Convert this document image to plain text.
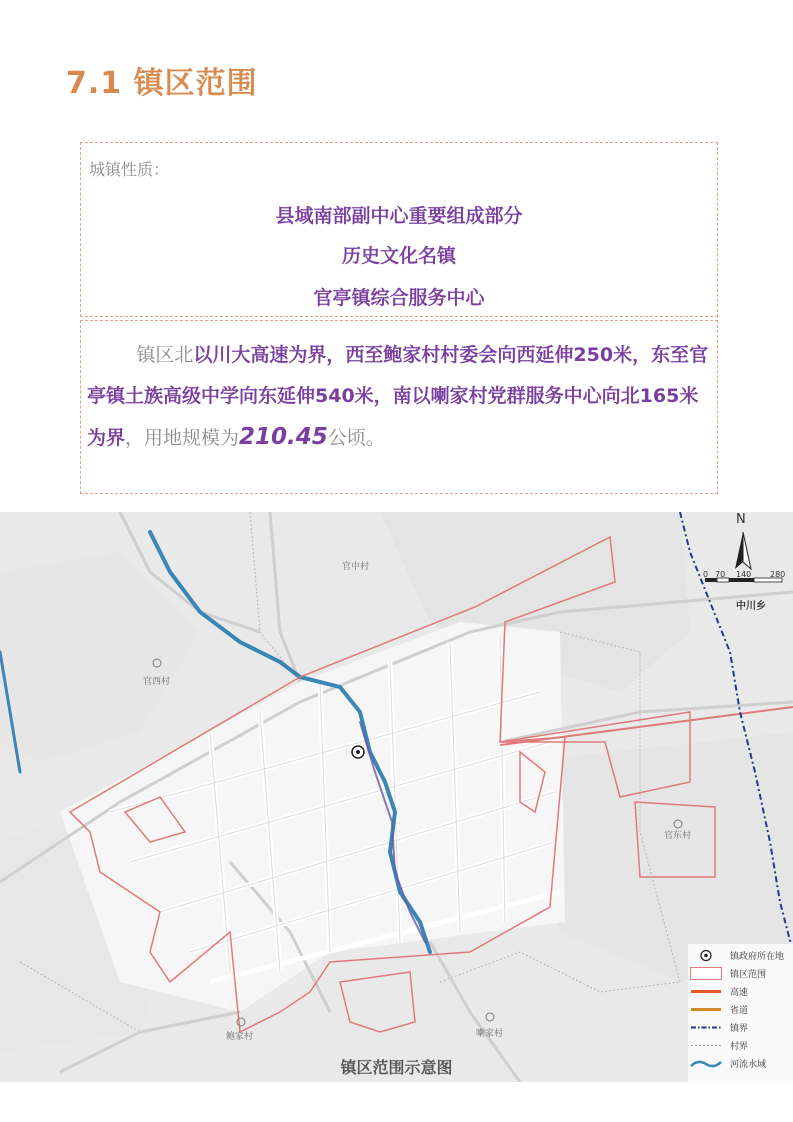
7.1 镇区范围
城镇性质：
县域南部副中心重要组成部分
历史文化名镇
官亭镇综合服务中心
镇区北以川大高速为界，西至鲍家村村委会向西延伸250米，东至官亭镇土族高级中学向东延伸540米，南以喇家村党群服务中心向北165米为界，用地规模为210.45公顷。
官中村
官西村
官东村
鲍家村	喇家村
N
0 70 140 280
中川乡
镇政府所在地
镇区范围
高速
省道
镇界
村界
河流水域
镇区范围示意图
